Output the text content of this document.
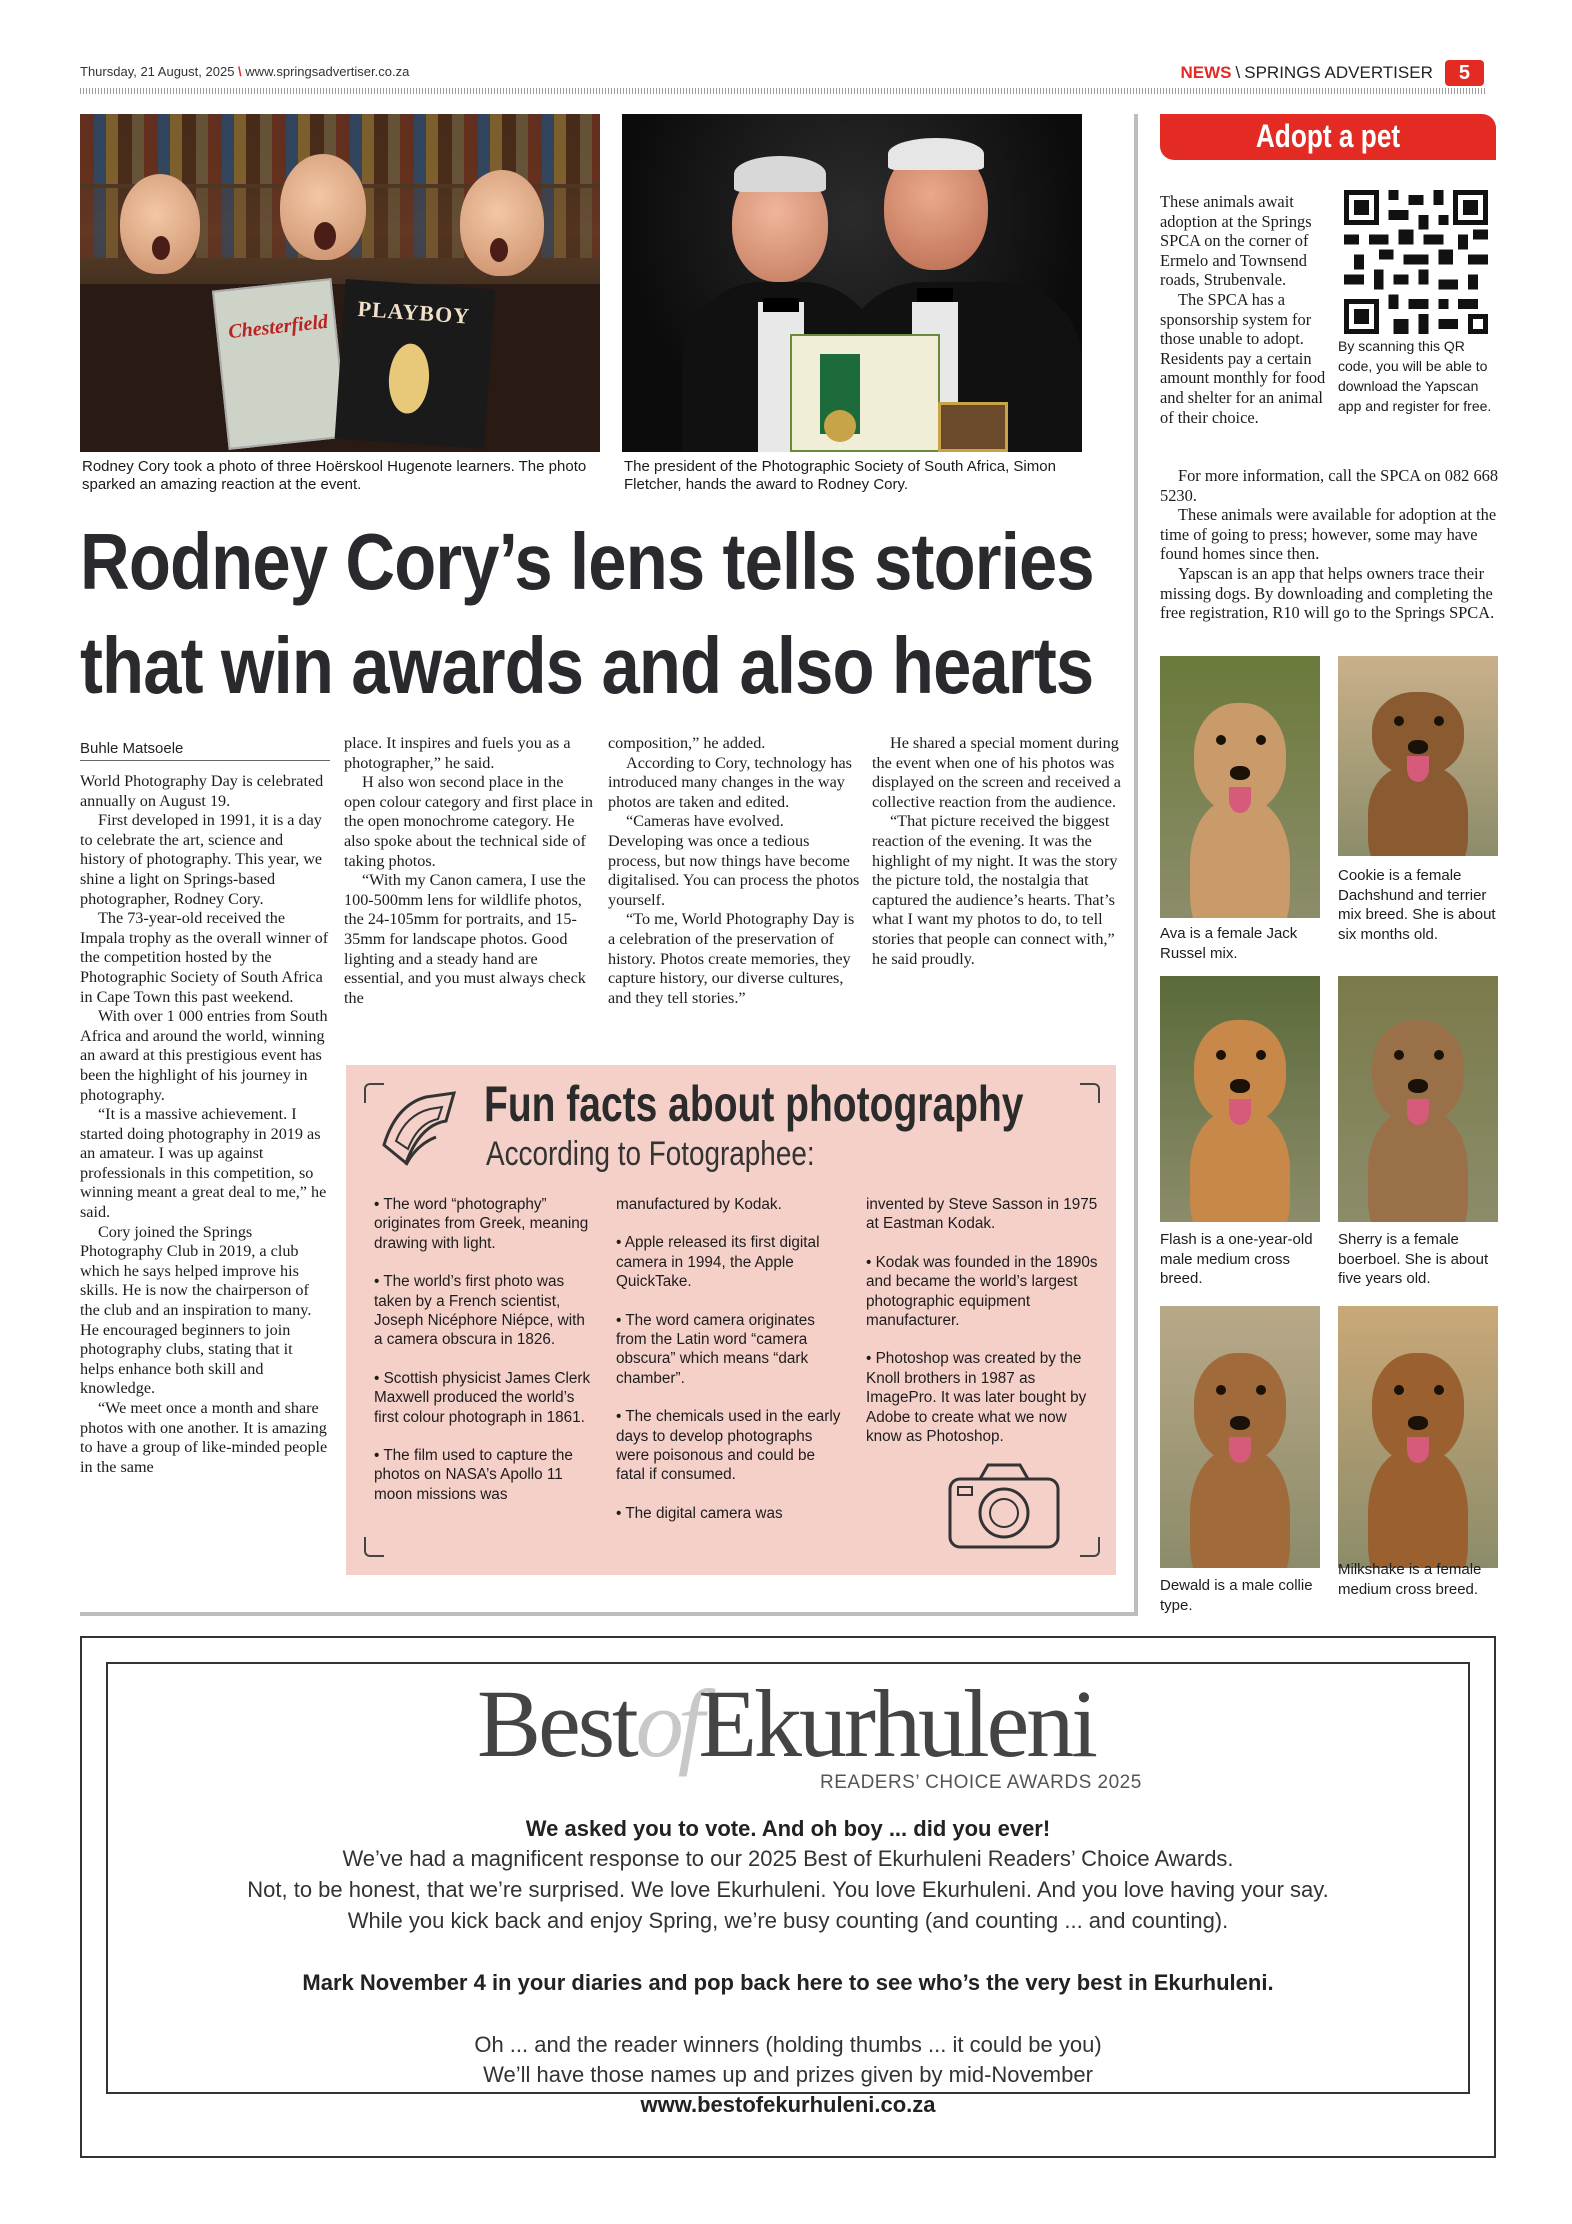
Thursday, 21 August, 2025 \ www.springsadvertiser.co.za	NEWS \ SPRINGS ADVERTISER	5
Chesterfield PLAYBOY
Rodney Cory took a photo of three Hoërskool Hugenote learners. The photo sparked an amazing reaction at the event.
The president of the Photographic Society of South Africa, Simon Fletcher, hands the award to Rodney Cory.
Rodney Cory’s lens tells stories
that win awards and also hearts
Buhle Matsoele

World Photography Day is celebrated annually on August 19.

First developed in 1991, it is a day to celebrate the art, science and history of photography. This year, we shine a light on Springs-based photographer, Rodney Cory.

The 73-year-old received the Impala trophy as the overall winner of the competition hosted by the Photographic Society of South Africa in Cape Town this past weekend.

With over 1 000 entries from South Africa and around the world, winning an award at this prestigious event has been the highlight of his journey in photography.

“It is a massive achievement. I started doing photography in 2019 as an amateur. I was up against professionals in this competition, so winning meant a great deal to me,” he said.

Cory joined the Springs Photography Club in 2019, a club which he says helped improve his skills. He is now the chairperson of the club and an inspiration to many. He encouraged beginners to join photography clubs, stating that it helps enhance both skill and knowledge.

“We meet once a month and share photos with one another. It is amazing to have a group of like-minded people in the same

place. It inspires and fuels you as a photographer,” he said.

H also won second place in the open colour category and first place in the open monochrome category. He also spoke about the technical side of taking photos.

“With my Canon camera, I use the 100-500mm lens for wildlife photos, the 24-105mm for portraits, and 15-35mm for landscape photos. Good lighting and a steady hand are essential, and you must always check the

composition,” he added.

According to Cory, technology has introduced many changes in the way photos are taken and edited.

“Cameras have evolved. Developing was once a tedious process, but now things have become digitalised. You can process the photos yourself.

“To me, World Photography Day is a celebration of the preservation of history. Photos create memories, they capture history, our diverse cultures, and they tell stories.”

He shared a special moment during the event when one of his photos was displayed on the screen and received a collective reaction from the audience.

“That picture received the biggest reaction of the evening. It was the highlight of my night. It was the story the picture told, the nostalgia that captured the audience’s hearts. That’s what I want my photos to do, to tell stories that people can connect with,” he said proudly.

Fun facts about photography
According to Fotographee:

• The word “photography” originates from Greek, meaning drawing with light.

• The world’s first photo was taken by a French scientist, Joseph Nicéphore Niépce, with a camera obscura in 1826.

• Scottish physicist James Clerk Maxwell produced the world’s first colour photograph in 1861.

• The film used to capture the photos on NASA’s Apollo 11 moon missions was

manufactured by Kodak.

• Apple released its first digital camera in 1994, the Apple QuickTake.

• The word camera originates from the Latin word “camera obscura” which means “dark chamber”.

• The chemicals used in the early days to develop photographs were poisonous and could be fatal if consumed.

• The digital camera was

invented by Steve Sasson in 1975 at Eastman Kodak.

• Kodak was founded in the 1890s and became the world’s largest photographic equipment manufacturer.

• Photoshop was created by the Knoll brothers in 1987 as ImagePro. It was later bought by Adobe to create what we now know as Photoshop.

Adopt a pet

These animals await adoption at the Springs SPCA on the corner of Ermelo and Townsend roads, Strubenvale.

The SPCA has a sponsorship system for those unable to adopt. Residents pay a certain amount monthly for food and shelter for an animal of their choice.

By scanning this QR code, you will be able to download the Yapscan app and register for free.

For more information, call the SPCA on 082 668 5230.

These animals were available for adoption at the time of going to press; however, some may have found homes since then.

Yapscan is an app that helps owners trace their missing dogs. By downloading and completing the free registration, R10 will go to the Springs SPCA.

Ava is a female Jack Russel mix.
Cookie is a female Dachshund and terrier mix breed. She is about six months old.
Flash is a one-year-old male medium cross breed.
Sherry is a female boerboel. She is about five years old.
Dewald is a male collie type.
Milkshake is a female medium cross breed.
BestofEkurhuleni
READERS’ CHOICE AWARDS 2025
We asked you to vote. And oh boy ... did you ever!
We’ve had a magnificent response to our 2025 Best of Ekurhuleni Readers’ Choice Awards.
Not, to be honest, that we’re surprised. We love Ekurhuleni. You love Ekurhuleni. And you love having your say.
While you kick back and enjoy Spring, we’re busy counting (and counting ... and counting).
Mark November 4 in your diaries and pop back here to see who’s the very best in Ekurhuleni.
Oh ... and the reader winners (holding thumbs ... it could be you)
We’ll have those names up and prizes given by mid-November
www.bestofekurhuleni.co.za
